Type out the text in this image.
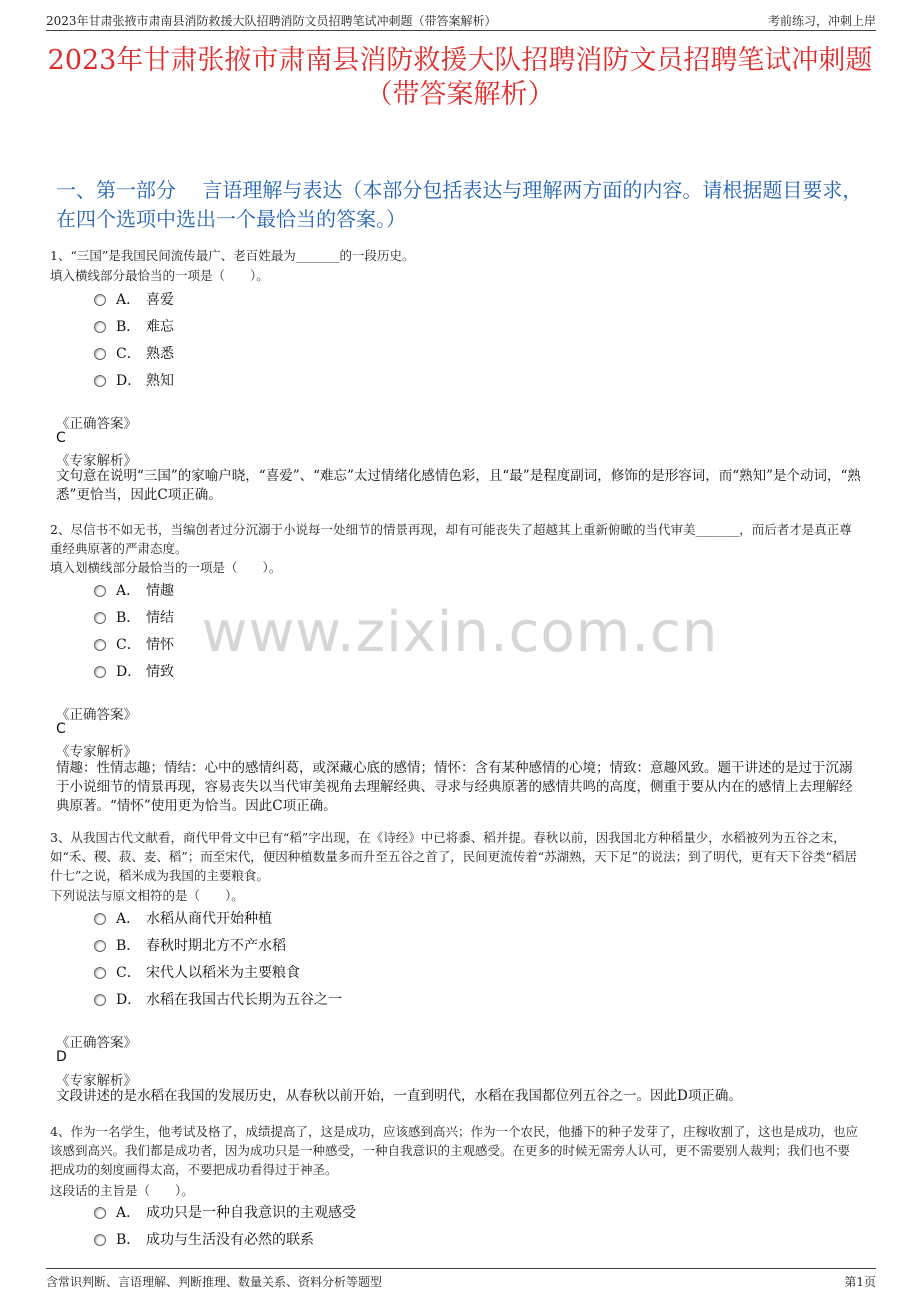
2023年甘肃张掖市肃南县消防救援大队招聘消防文员招聘笔试冲刺题（带答案解析）	考前练习，冲刺上岸
2023年甘肃张掖市肃南县消防救援大队招聘消防文员招聘笔试冲刺题（带答案解析）
一、第一部分　 言语理解与表达（本部分包括表达与理解两方面的内容。请根据题目要求，在四个选项中选出一个最恰当的答案。）
www.zixin.com.cn
1、“三国”是我国民间流传最广、老百姓最为_______的一段历史。
填入横线部分最恰当的一项是（　　）。
A． 喜爱
B． 难忘
C． 熟悉
D． 熟知
《正确答案》
C
《专家解析》
文句意在说明“三国”的家喻户晓，“喜爱”、“难忘”太过情绪化感情色彩，且“最”是程度副词，修饰的是形容词，而“熟知”是个动词，“熟悉”更恰当，因此C项正确。
2、尽信书不如无书，当编创者过分沉溺于小说每一处细节的情景再现，却有可能丧失了超越其上重新俯瞰的当代审美_______，而后者才是真正尊重经典原著的严肃态度。
填入划横线部分最恰当的一项是（　　）。
A． 情趣
B． 情结
C． 情怀
D． 情致
《正确答案》
C
《专家解析》
情趣：性情志趣；情结：心中的感情纠葛，或深藏心底的感情；情怀：含有某种感情的心境；情致：意趣风致。题干讲述的是过于沉溺于小说细节的情景再现，容易丧失以当代审美视角去理解经典、寻求与经典原著的感情共鸣的高度，侧重于要从内在的感情上去理解经典原著。“情怀”使用更为恰当。因此C项正确。
3、从我国古代文献看，商代甲骨文中已有“稻”字出现，在《诗经》中已将黍、稻并提。春秋以前，因我国北方种稻量少，水稻被列为五谷之末，如“禾、稷、菽、麦、稻”；而至宋代，便因种植数量多而升至五谷之首了，民间更流传着“苏湖熟，天下足”的说法；到了明代，更有天下谷类“稻居什七”之说，稻米成为我国的主要粮食。
下列说法与原文相符的是（　　）。
A． 水稻从商代开始种植
B． 春秋时期北方不产水稻
C． 宋代人以稻米为主要粮食
D． 水稻在我国古代长期为五谷之一
《正确答案》
D
《专家解析》
文段讲述的是水稻在我国的发展历史，从春秋以前开始，一直到明代，水稻在我国都位列五谷之一。因此D项正确。
4、作为一名学生，他考试及格了，成绩提高了，这是成功，应该感到高兴；作为一个农民，他播下的种子发芽了，庄稼收割了，这也是成功，也应该感到高兴。我们都是成功者，因为成功只是一种感受，一种自我意识的主观感受。在更多的时候无需旁人认可，更不需要别人裁判；我们也不要把成功的刻度画得太高，不要把成功看得过于神圣。
这段话的主旨是（　　）。
A． 成功只是一种自我意识的主观感受
B． 成功与生活没有必然的联系
含常识判断、言语理解、判断推理、数量关系、资料分析等题型	第1页
